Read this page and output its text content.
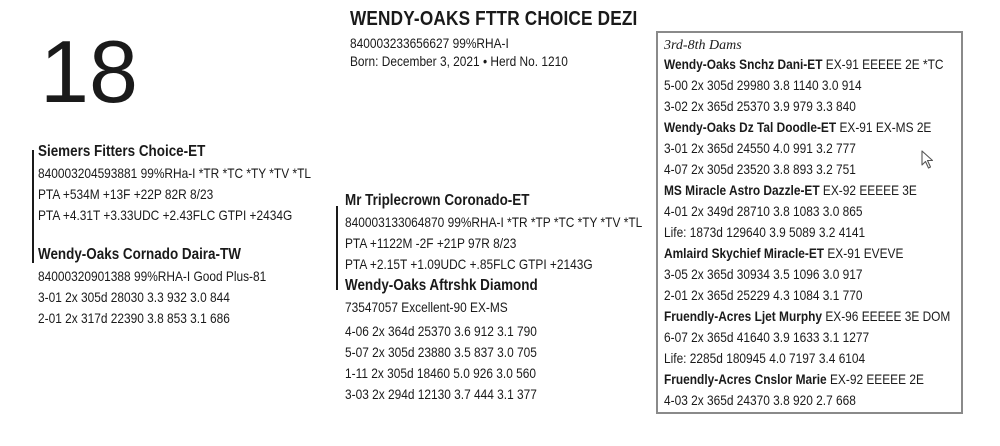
18
WENDY-OAKS FTTR CHOICE DEZI
840003233656627 99%RHA-I
Born: December 3, 2021 • Herd No. 1210
Siemers Fitters Choice-ET
840003204593881 99%RHa-I *TR *TC *TY *TV *TL
PTA +534M +13F +22P 82R 8/23
PTA +4.31T +3.33UDC +2.43FLC GTPI +2434G
Wendy-Oaks Cornado Daira-TW
84000320901388 99%RHA-I Good Plus-81
3-01 2x 305d 28030 3.3 932 3.0 844
2-01 2x 317d 22390 3.8 853 3.1 686
Mr Triplecrown Coronado-ET
840003133064870 99%RHA-I *TR *TP *TC *TY *TV *TL
PTA +1122M -2F +21P 97R 8/23
PTA +2.15T +1.09UDC +.85FLC GTPI +2143G
Wendy-Oaks Aftrshk Diamond
73547057 Excellent-90 EX-MS
4-06 2x 364d 25370 3.6 912 3.1 790
5-07 2x 305d 23880 3.5 837 3.0 705
1-11 2x 305d 18460 5.0 926 3.0 560
3-03 2x 294d 12130 3.7 444 3.1 377
3rd-8th Dams
Wendy-Oaks Snchz Dani-ET EX-91 EEEEE 2E *TC
5-00 2x 305d 29980 3.8 1140 3.0 914
3-02 2x 365d 25370 3.9 979 3.3 840
Wendy-Oaks Dz Tal Doodle-ET EX-91 EX-MS 2E
3-01 2x 365d 24550 4.0 991 3.2 777
4-07 2x 305d 23520 3.8 893 3.2 751
MS Miracle Astro Dazzle-ET EX-92 EEEEE 3E
4-01 2x 349d 28710 3.8 1083 3.0 865
Life: 1873d 129640 3.9 5089 3.2 4141
Amlaird Skychief Miracle-ET EX-91 EVEVE
3-05 2x 365d 30934 3.5 1096 3.0 917
2-01 2x 365d 25229 4.3 1084 3.1 770
Fruendly-Acres Ljet Murphy EX-96 EEEEE 3E DOM
6-07 2x 365d 41640 3.9 1633 3.1 1277
Life: 2285d 180945 4.0 7197 3.4 6104
Fruendly-Acres Cnslor Marie EX-92 EEEEE 2E
4-03 2x 365d 24370 3.8 920 2.7 668
